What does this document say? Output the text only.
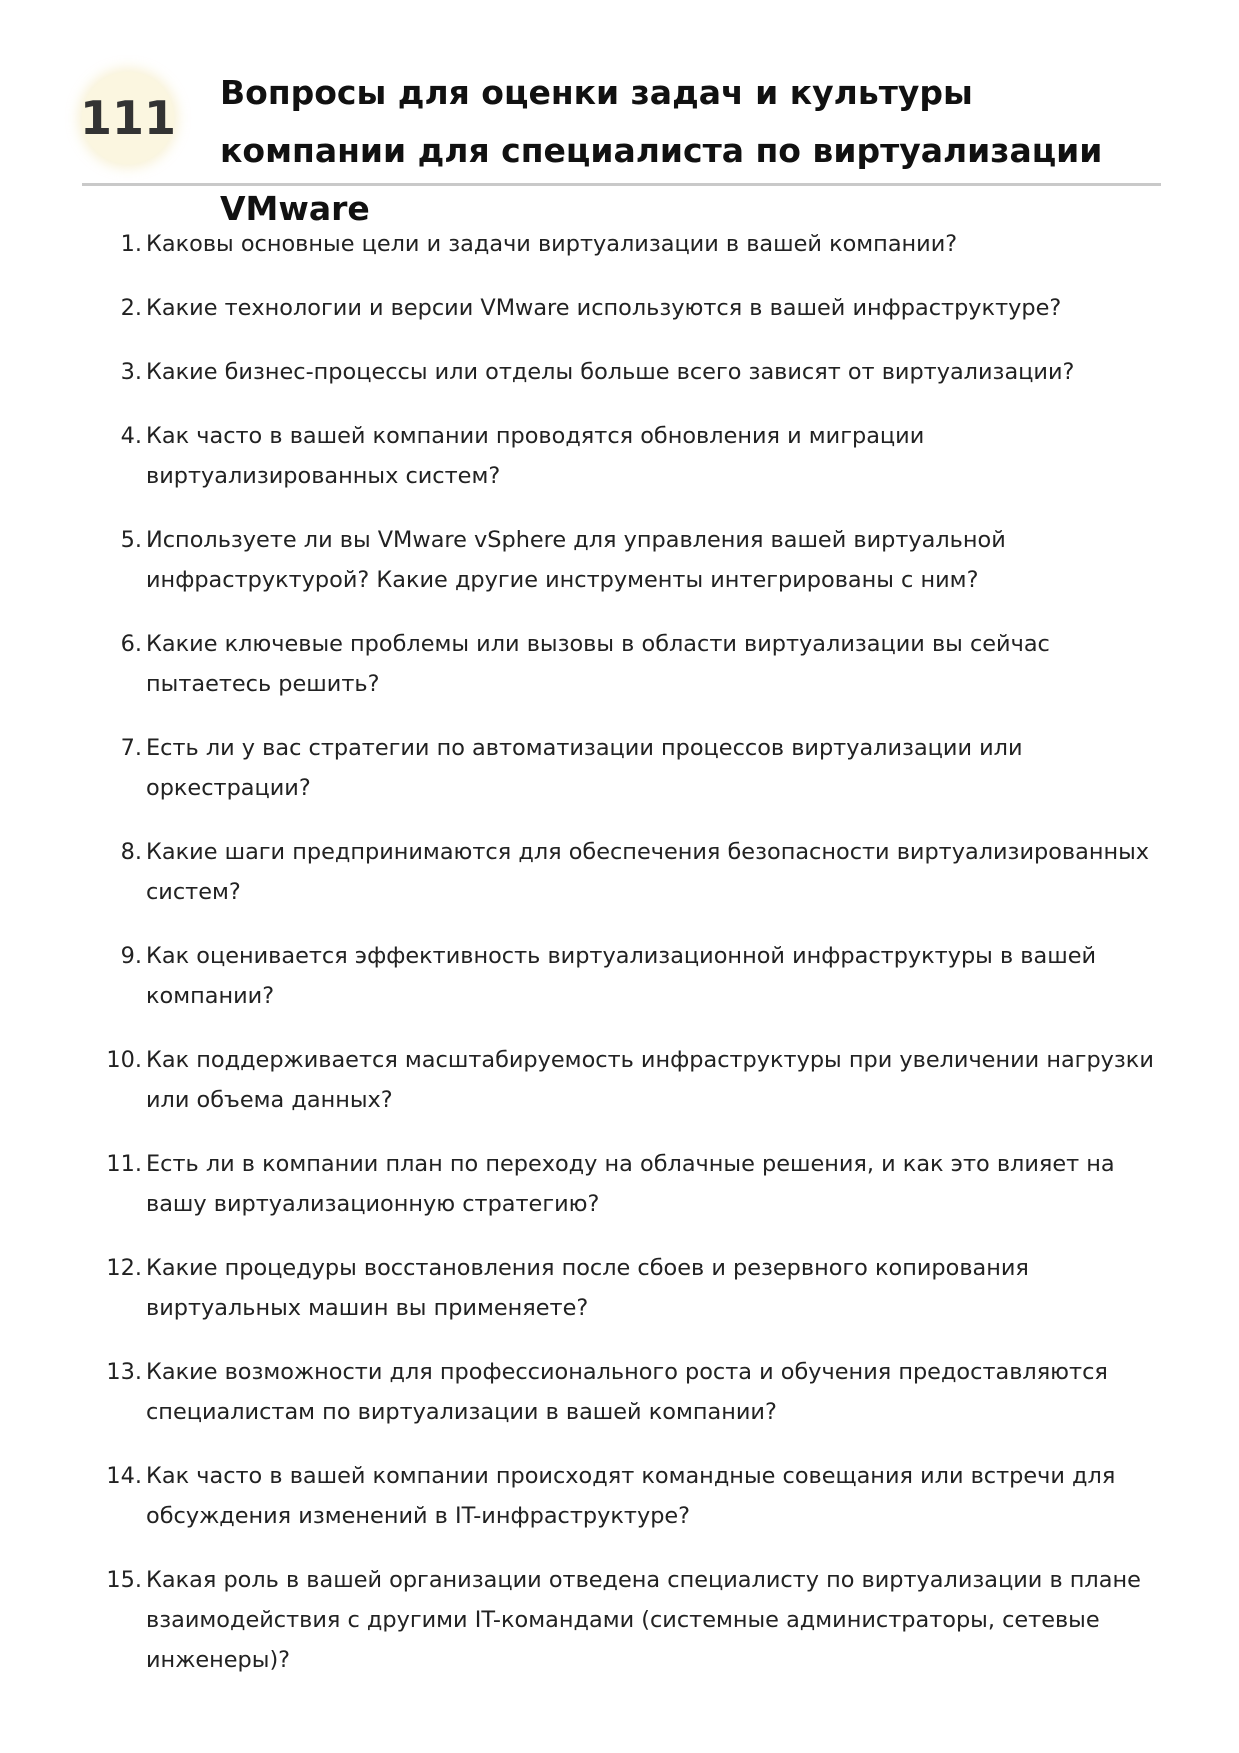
111 Вопросы для оценки задач и культуры компании для специалиста по виртуализации VMware
1. Каковы основные цели и задачи виртуализации в вашей компании?
2. Какие технологии и версии VMware используются в вашей инфраструктуре?
3. Какие бизнес-процессы или отделы больше всего зависят от виртуализации?
4. Как часто в вашей компании проводятся обновления и миграции виртуализированных систем?
5. Используете ли вы VMware vSphere для управления вашей виртуальной инфраструктурой? Какие другие инструменты интегрированы с ним?
6. Какие ключевые проблемы или вызовы в области виртуализации вы сейчас пытаетесь решить?
7. Есть ли у вас стратегии по автоматизации процессов виртуализации или оркестрации?
8. Какие шаги предпринимаются для обеспечения безопасности виртуализированных систем?
9. Как оценивается эффективность виртуализационной инфраструктуры в вашей компании?
10. Как поддерживается масштабируемость инфраструктуры при увеличении нагрузки или объема данных?
11. Есть ли в компании план по переходу на облачные решения, и как это влияет на вашу виртуализационную стратегию?
12. Какие процедуры восстановления после сбоев и резервного копирования виртуальных машин вы применяете?
13. Какие возможности для профессионального роста и обучения предоставляются специалистам по виртуализации в вашей компании?
14. Как часто в вашей компании происходят командные совещания или встречи для обсуждения изменений в IT-инфраструктуре?
15. Какая роль в вашей организации отведена специалисту по виртуализации в плане взаимодействия с другими IT-командами (системные администраторы, сетевые инженеры)?
